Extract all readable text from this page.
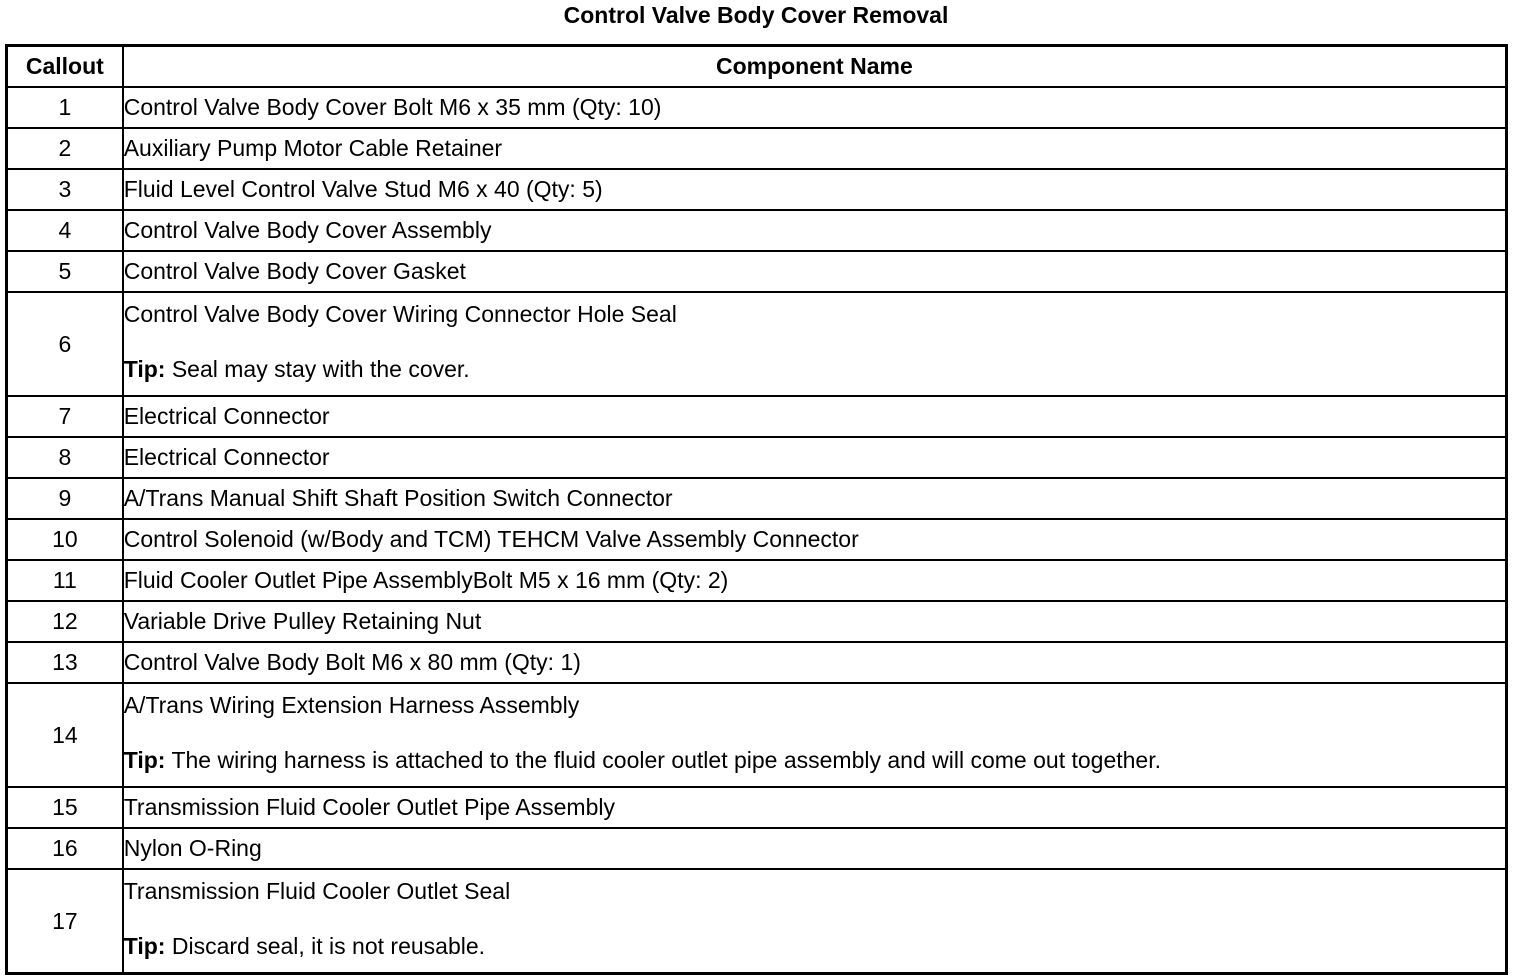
Control Valve Body Cover Removal
Callout	Component Name
1	Control Valve Body Cover Bolt M6 x 35 mm (Qty: 10)
2	Auxiliary Pump Motor Cable Retainer
3	Fluid Level Control Valve Stud M6 x 40 (Qty: 5)
4	Control Valve Body Cover Assembly
5	Control Valve Body Cover Gasket
6	Control Valve Body Cover Wiring Connector Hole Seal
Tip: Seal may stay with the cover.

7	Electrical Connector
8	Electrical Connector
9	A/Trans Manual Shift Shaft Position Switch Connector
10	Control Solenoid (w/Body and TCM) TEHCM Valve Assembly Connector
11	Fluid Cooler Outlet Pipe AssemblyBolt M5 x 16 mm (Qty: 2)
12	Variable Drive Pulley Retaining Nut
13	Control Valve Body Bolt M6 x 80 mm (Qty: 1)
14	A/Trans Wiring Extension Harness Assembly
Tip: The wiring harness is attached to the fluid cooler outlet pipe assembly and will come out together.

15	Transmission Fluid Cooler Outlet Pipe Assembly
16	Nylon O-Ring
17	Transmission Fluid Cooler Outlet Seal
Tip: Discard seal, it is not reusable.
